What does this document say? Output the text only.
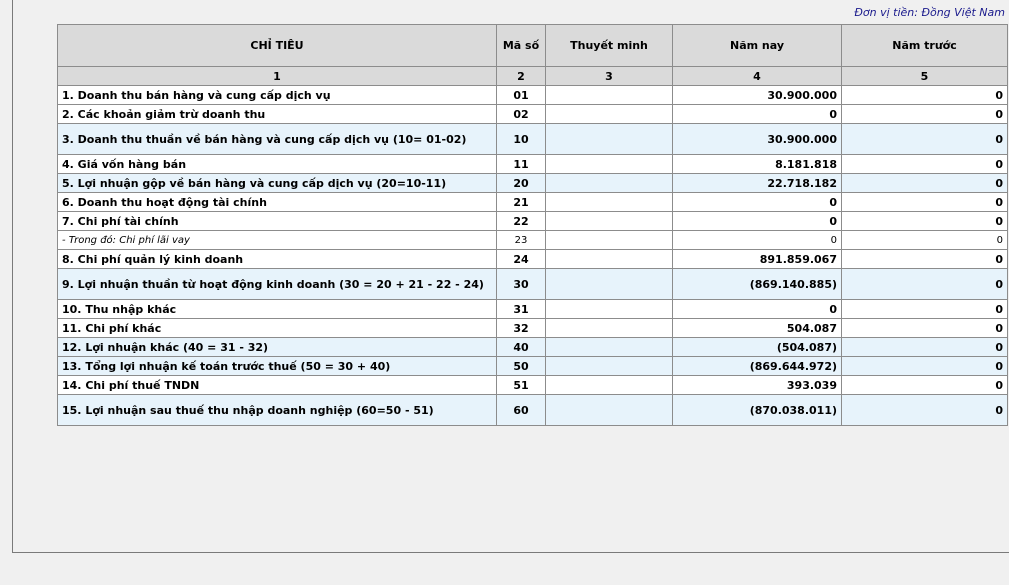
Đơn vị tiền: Đồng Việt Nam
CHỈ TIÊU	Mã số	Thuyết minh	Năm nay	Năm trước
1	2	3	4	5
1. Doanh thu bán hàng và cung cấp dịch vụ	01		30.900.000	0
2. Các khoản giảm trừ doanh thu	02		0	0
3. Doanh thu thuần về bán hàng và cung cấp dịch vụ (10= 01-02)	10		30.900.000	0
4. Giá vốn hàng bán	11		8.181.818	0
5. Lợi nhuận gộp về bán hàng và cung cấp dịch vụ (20=10-11)	20		22.718.182	0
6. Doanh thu hoạt động tài chính	21		0	0
7. Chi phí tài chính	22		0	0
- Trong đó: Chi phí lãi vay	23		0	0
8. Chi phí quản lý kinh doanh	24		891.859.067	0
9. Lợi nhuận thuần từ hoạt động kinh doanh (30 = 20 + 21 - 22 - 24)	30		(869.140.885)	0
10. Thu nhập khác	31		0	0
11. Chi phí khác	32		504.087	0
12. Lợi nhuận khác (40 = 31 - 32)	40		(504.087)	0
13. Tổng lợi nhuận kế toán trước thuế (50 = 30 + 40)	50		(869.644.972)	0
14. Chi phí thuế TNDN	51		393.039	0
15. Lợi nhuận sau thuế thu nhập doanh nghiệp (60=50 - 51)	60		(870.038.011)	0
